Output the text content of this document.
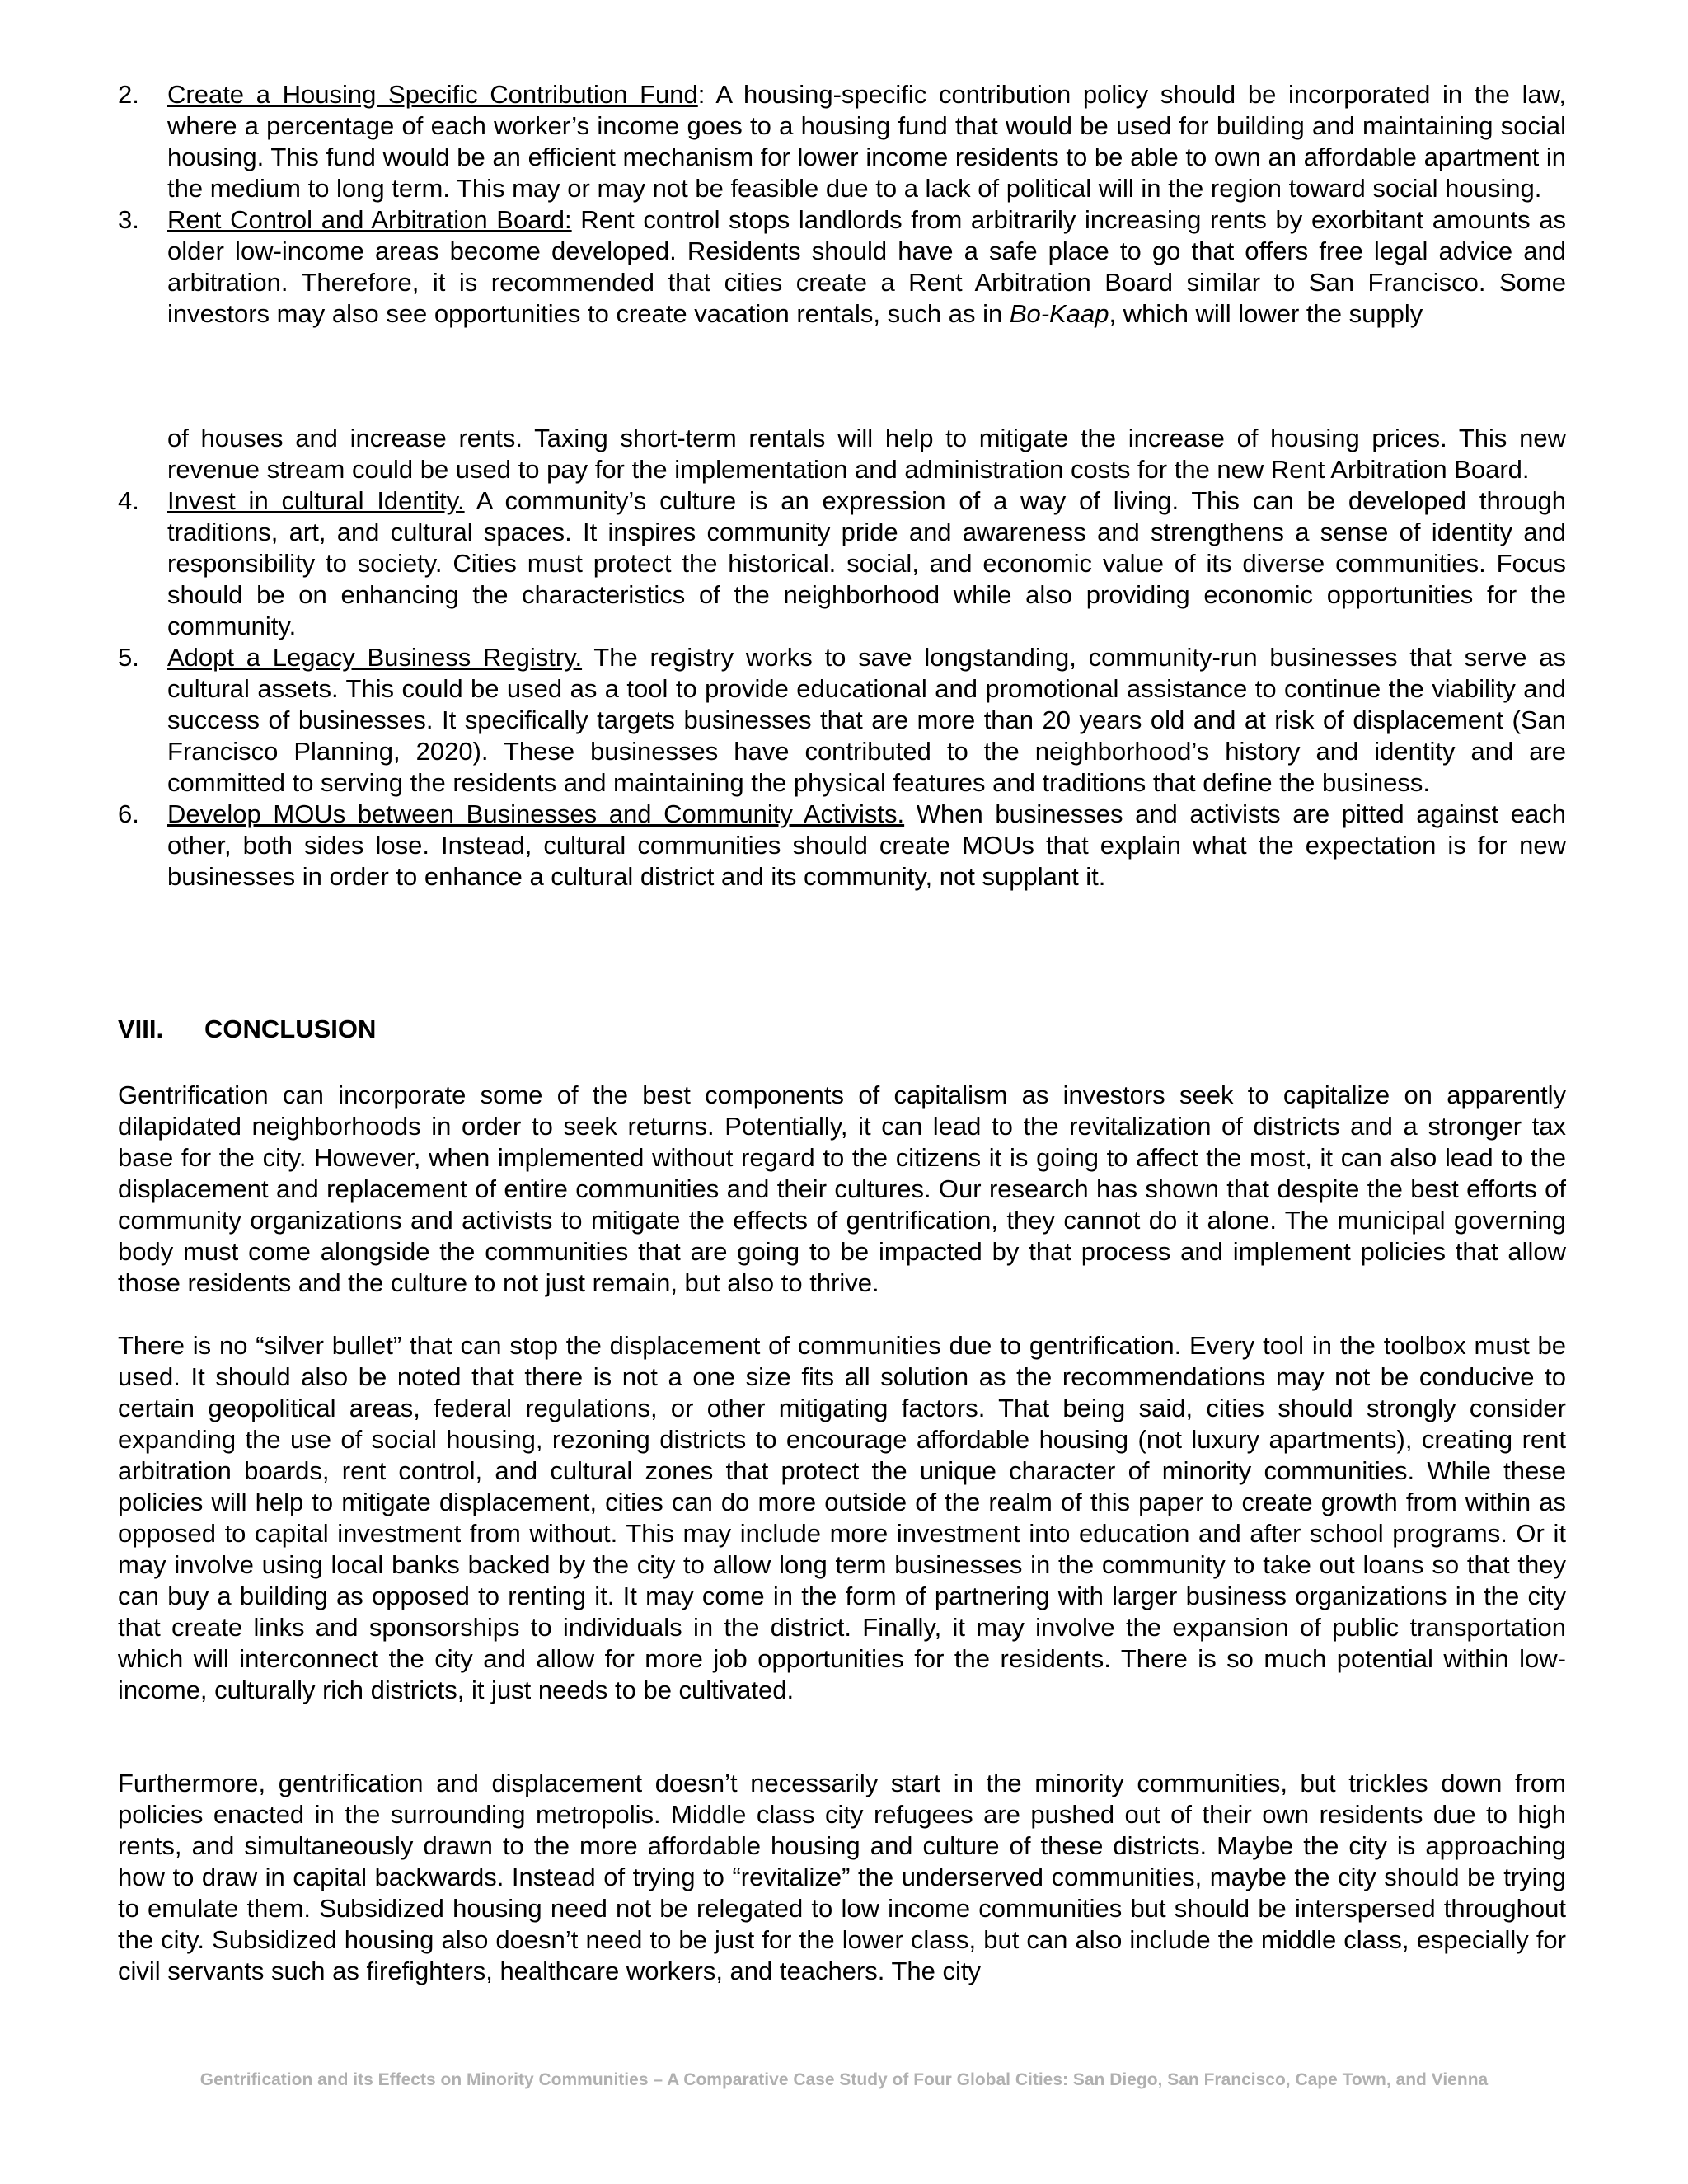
2.	Create a Housing Specific Contribution Fund: A housing-specific contribution policy should be incorporated in the law, where a percentage of each worker’s income goes to a housing fund that would be used for building and maintaining social housing. This fund would be an efficient mechanism for lower income residents to be able to own an affordable apartment in the medium to long term. This may or may not be feasible due to a lack of political will in the region toward social housing.

3.	Rent Control and Arbitration Board: Rent control stops landlords from arbitrarily increasing rents by exorbitant amounts as older low-income areas become developed. Residents should have a safe place to go that offers free legal advice and arbitration. Therefore, it is recommended that cities create a Rent Arbitration Board similar to San Francisco. Some investors may also see opportunities to create vacation rentals, such as in Bo-Kaap, which will lower the supply

of houses and increase rents. Taxing short-term rentals will help to mitigate the increase of housing prices. This new revenue stream could be used to pay for the implementation and administration costs for the new Rent Arbitration Board.

4.	Invest in cultural Identity. A community’s culture is an expression of a way of living. This can be developed through traditions, art, and cultural spaces. It inspires community pride and awareness and strengthens a sense of identity and responsibility to society. Cities must protect the historical. social, and economic value of its diverse communities. Focus should be on enhancing the characteristics of the neighborhood while also providing economic opportunities for the community.

5.	Adopt a Legacy Business Registry. The registry works to save longstanding, community-run businesses that serve as cultural assets. This could be used as a tool to provide educational and promotional assistance to continue the viability and success of businesses. It specifically targets businesses that are more than 20 years old and at risk of displacement (San Francisco Planning, 2020). These businesses have contributed to the neighborhood’s history and identity and are committed to serving the residents and maintaining the physical features and traditions that define the business.

6.	Develop MOUs between Businesses and Community Activists. When businesses and activists are pitted against each other, both sides lose. Instead, cultural communities should create MOUs that explain what the expectation is for new businesses in order to enhance a cultural district and its community, not supplant it.

VIII. CONCLUSION

Gentrification can incorporate some of the best components of capitalism as investors seek to capitalize on apparently dilapidated neighborhoods in order to seek returns. Potentially, it can lead to the revitalization of districts and a stronger tax base for the city. However, when implemented without regard to the citizens it is going to affect the most, it can also lead to the displacement and replacement of entire communities and their cultures. Our research has shown that despite the best efforts of community organizations and activists to mitigate the effects of gentrification, they cannot do it alone. The municipal governing body must come alongside the communities that are going to be impacted by that process and implement policies that allow those residents and the culture to not just remain, but also to thrive.

There is no “silver bullet” that can stop the displacement of communities due to gentrification. Every tool in the toolbox must be used. It should also be noted that there is not a one size fits all solution as the recommendations may not be conducive to certain geopolitical areas, federal regulations, or other mitigating factors. That being said, cities should strongly consider expanding the use of social housing, rezoning districts to encourage affordable housing (not luxury apartments), creating rent arbitration boards, rent control, and cultural zones that protect the unique character of minority communities. While these policies will help to mitigate displacement, cities can do more outside of the realm of this paper to create growth from within as opposed to capital investment from without. This may include more investment into education and after school programs. Or it may involve using local banks backed by the city to allow long term businesses in the community to take out loans so that they can buy a building as opposed to renting it. It may come in the form of partnering with larger business organizations in the city that create links and sponsorships to individuals in the district. Finally, it may involve the expansion of public transportation which will interconnect the city and allow for more job opportunities for the residents. There is so much potential within low-income, culturally rich districts, it just needs to be cultivated.

Furthermore, gentrification and displacement doesn’t necessarily start in the minority communities, but trickles down from policies enacted in the surrounding metropolis. Middle class city refugees are pushed out of their own residents due to high rents, and simultaneously drawn to the more affordable housing and culture of these districts. Maybe the city is approaching how to draw in capital backwards. Instead of trying to “revitalize” the underserved communities, maybe the city should be trying to emulate them. Subsidized housing need not be relegated to low income communities but should be interspersed throughout the city. Subsidized housing also doesn’t need to be just for the lower class, but can also include the middle class, especially for civil servants such as firefighters, healthcare workers, and teachers. The city

Gentrification and its Effects on Minority Communities – A Comparative Case Study of Four Global Cities: San Diego, San Francisco, Cape Town, and Vienna
